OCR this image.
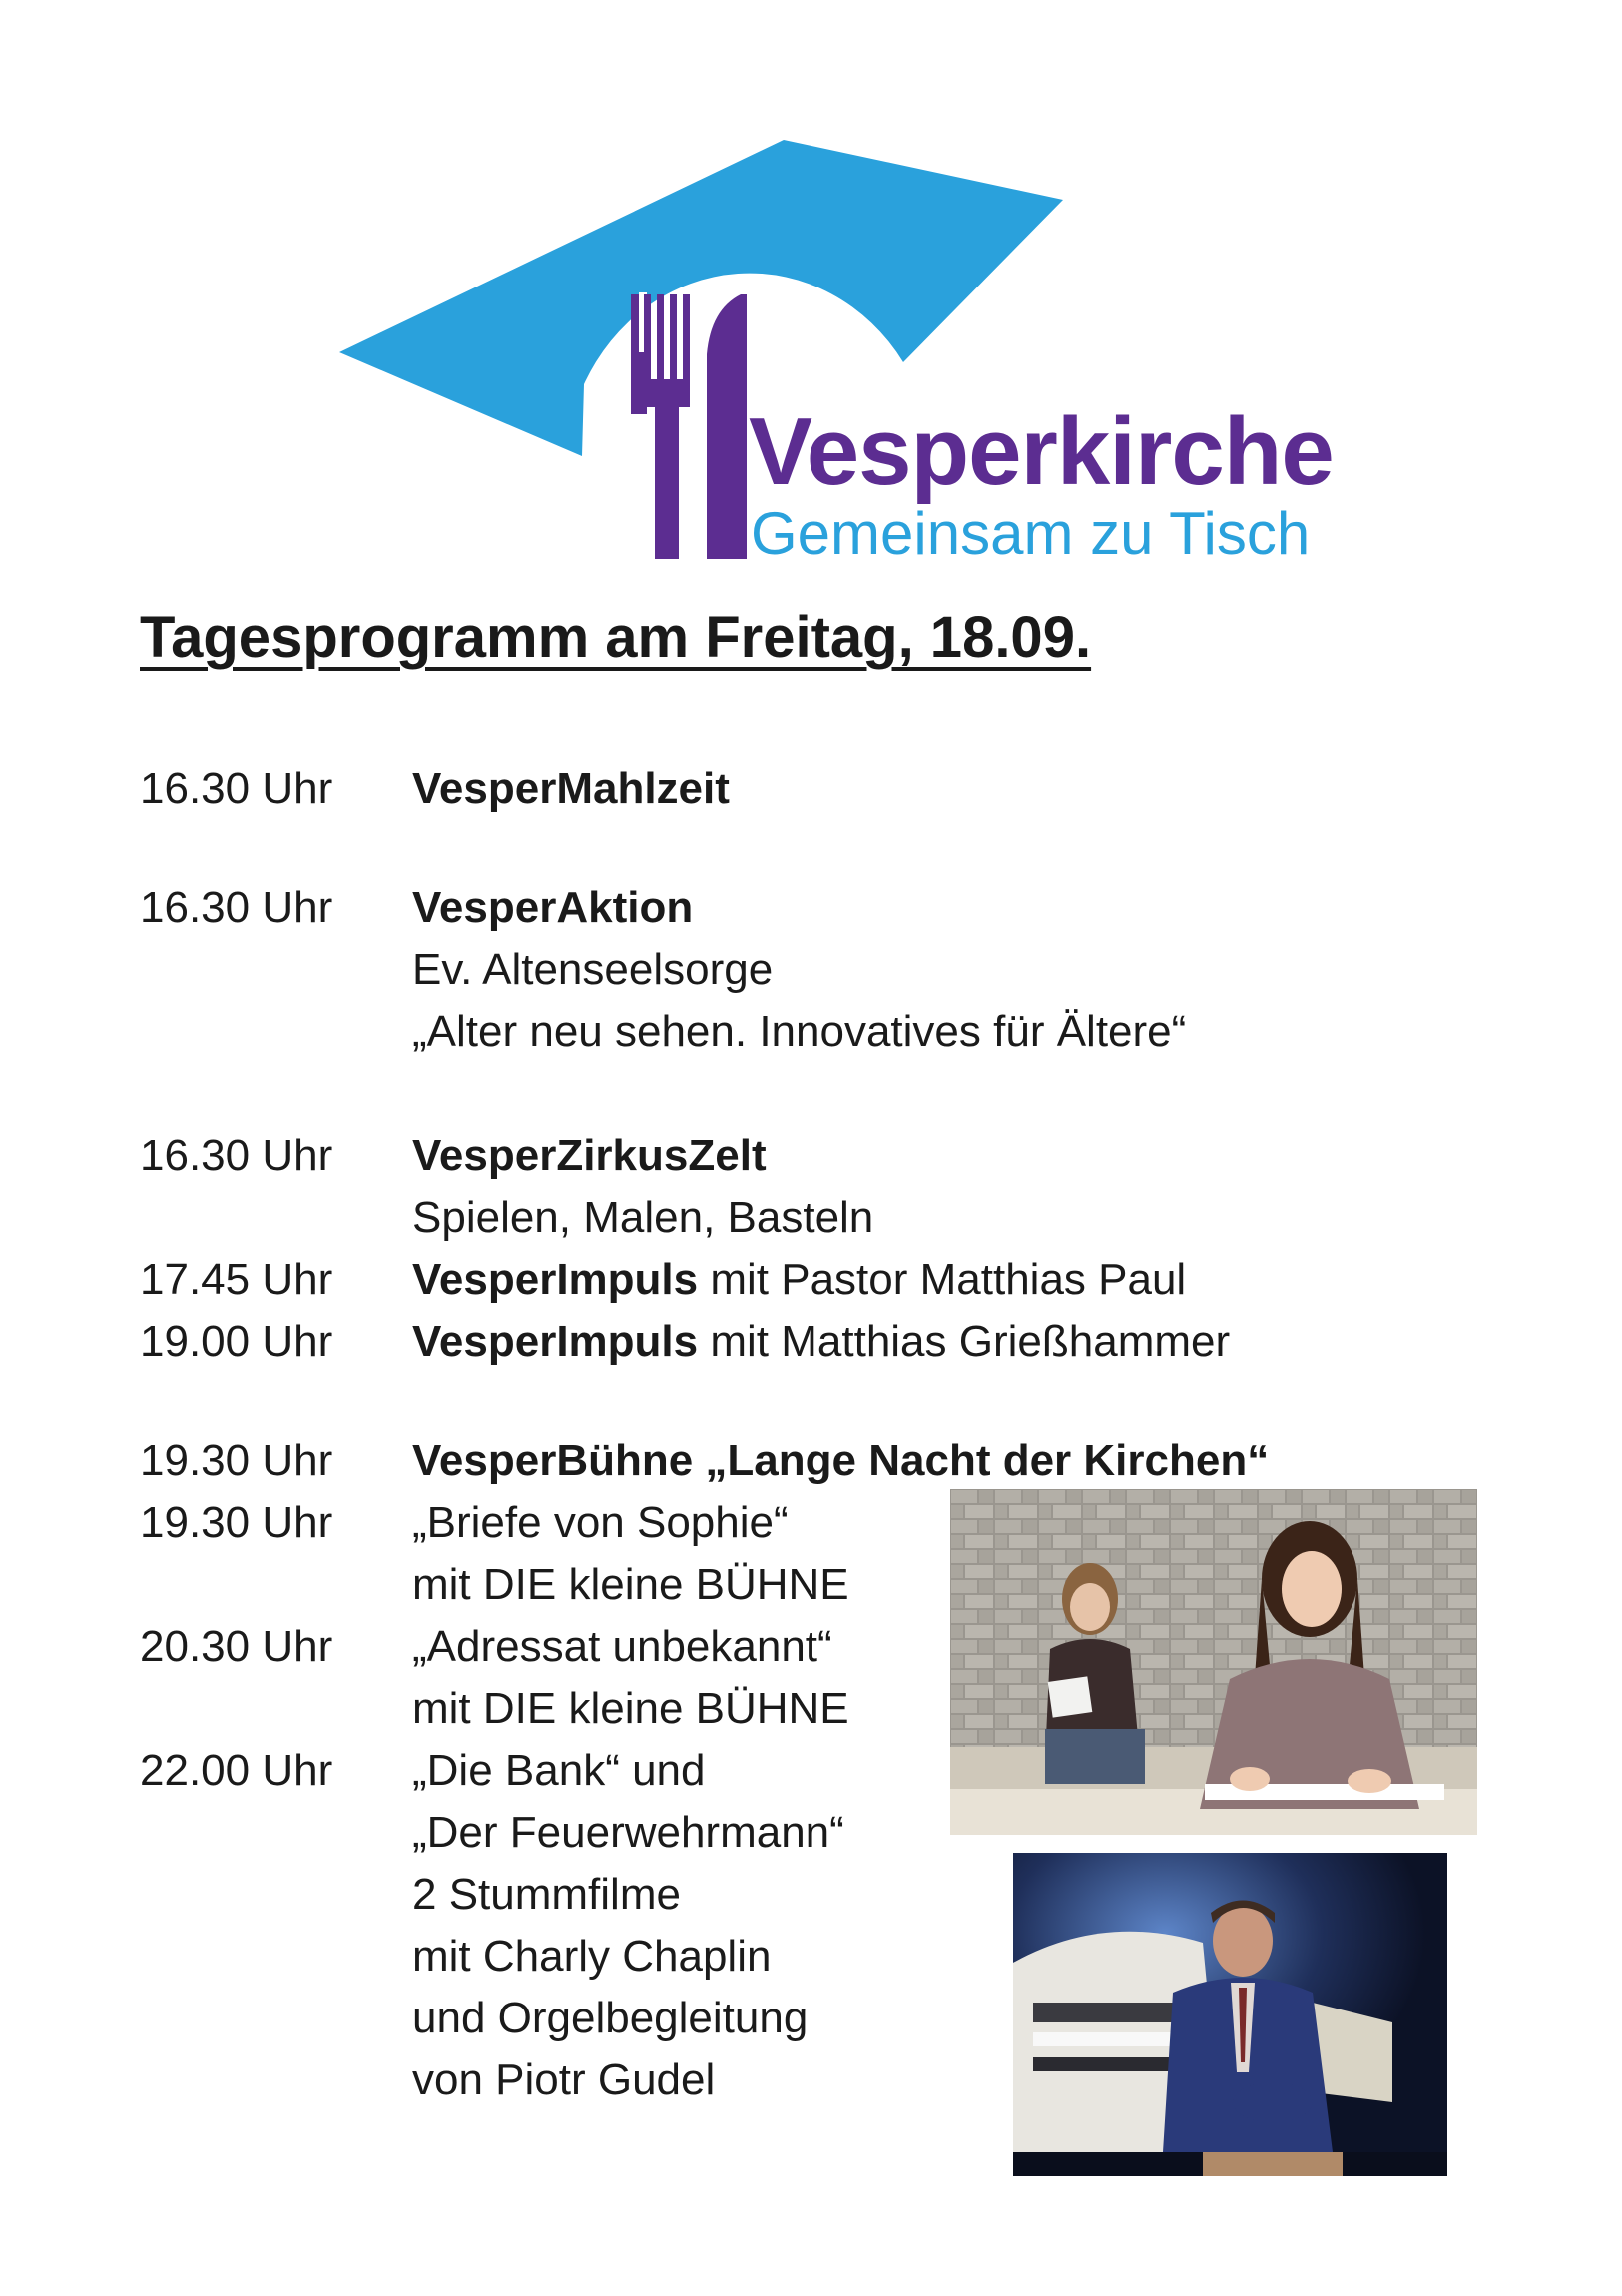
Vesperkirche
Gemeinsam zu Tisch
Tagesprogramm am Freitag, 18.09.
16.30 Uhr VesperMahlzeit
16.30 Uhr VesperAktion
Ev. Altenseelsorge
„Alter neu sehen. Innovatives für Ältere“
16.30 Uhr VesperZirkusZelt
Spielen, Malen, Basteln
17.45 Uhr VesperImpuls mit Pastor Matthias Paul
19.00 Uhr VesperImpuls mit Matthias Grießhammer
19.30 Uhr VesperBühne „Lange Nacht der Kirchen“
19.30 Uhr „Briefe von Sophie“
mit DIE kleine BÜHNE
20.30 Uhr „Adressat unbekannt“
mit DIE kleine BÜHNE
22.00 Uhr „Die Bank“ und
„Der Feuerwehrmann“
2 Stummfilme
mit Charly Chaplin
und Orgelbegleitung
von Piotr Gudel
